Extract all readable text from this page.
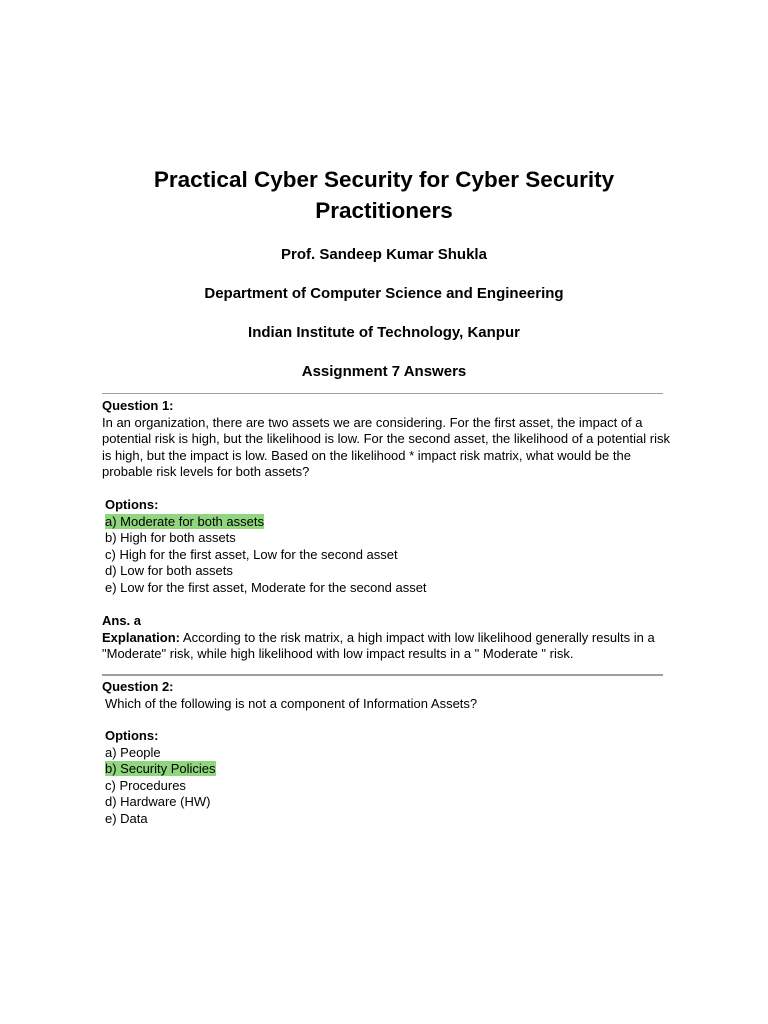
Practical Cyber Security for Cyber Security Practitioners

Prof. Sandeep Kumar Shukla

Department of Computer Science and Engineering

Indian Institute of Technology, Kanpur

Assignment 7 Answers

Question 1:
In an organization, there are two assets we are considering. For the first asset, the impact of a potential risk is high, but the likelihood is low. For the second asset, the likelihood of a potential risk is high, but the impact is low. Based on the likelihood * impact risk matrix, what would be the probable risk levels for both assets?
Options:
a) Moderate for both assets
b) High for both assets
c) High for the first asset, Low for the second asset
d) Low for both assets
e) Low for the first asset, Moderate for the second asset
Ans. a
Explanation: According to the risk matrix, a high impact with low likelihood generally results in a "Moderate" risk, while high likelihood with low impact results in a " Moderate " risk.
Question 2:
Which of the following is not a component of Information Assets?
Options:
a) People
b) Security Policies
c) Procedures
d) Hardware (HW)
e) Data
